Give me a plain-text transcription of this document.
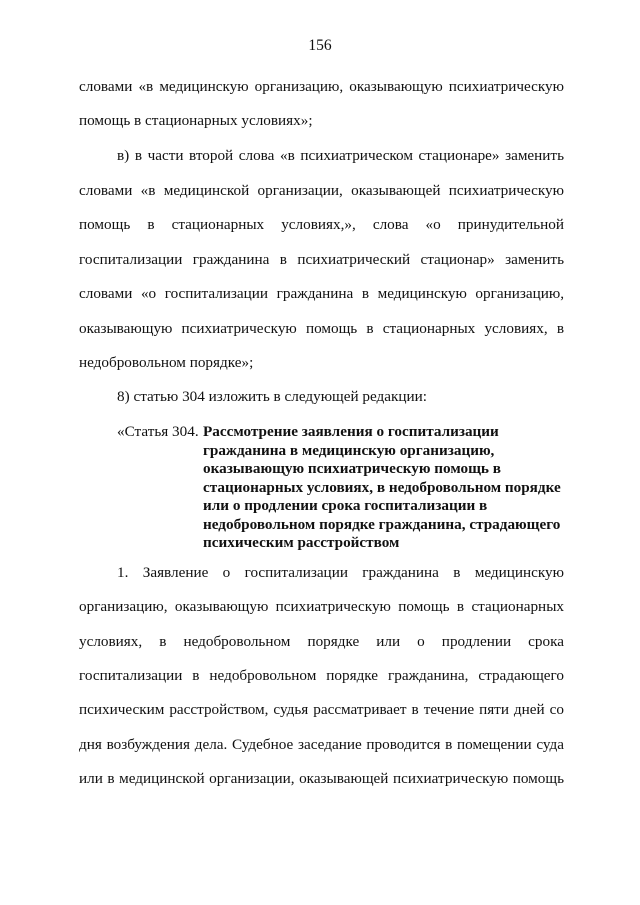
156
словами «в медицинскую организацию, оказывающую психиатрическую
помощь в стационарных условиях»;
в) в части второй слова «в психиатрическом стационаре» заменить
словами «в медицинской организации, оказывающей психиатрическую
помощь в стационарных условиях,», слова «о принудительной
госпитализации гражданина в психиатрический стационар» заменить
словами «о госпитализации гражданина в медицинскую организацию,
оказывающую психиатрическую помощь в стационарных условиях, в
недобровольном порядке»;
8) статью 304 изложить в следующей редакции:
«Статья 304. Рассмотрение заявления о госпитализации
гражданина в медицинскую организацию,
оказывающую психиатрическую помощь в
стационарных условиях, в недобровольном порядке
или о продлении срока госпитализации в
недобровольном порядке гражданина, страдающего
психическим расстройством
1. Заявление о госпитализации гражданина в медицинскую
организацию, оказывающую психиатрическую помощь в стационарных
условиях, в недобровольном порядке или о продлении срока
госпитализации в недобровольном порядке гражданина, страдающего
психическим расстройством, судья рассматривает в течение пяти дней со
дня возбуждения дела. Судебное заседание проводится в помещении суда
или в медицинской организации, оказывающей психиатрическую помощь
